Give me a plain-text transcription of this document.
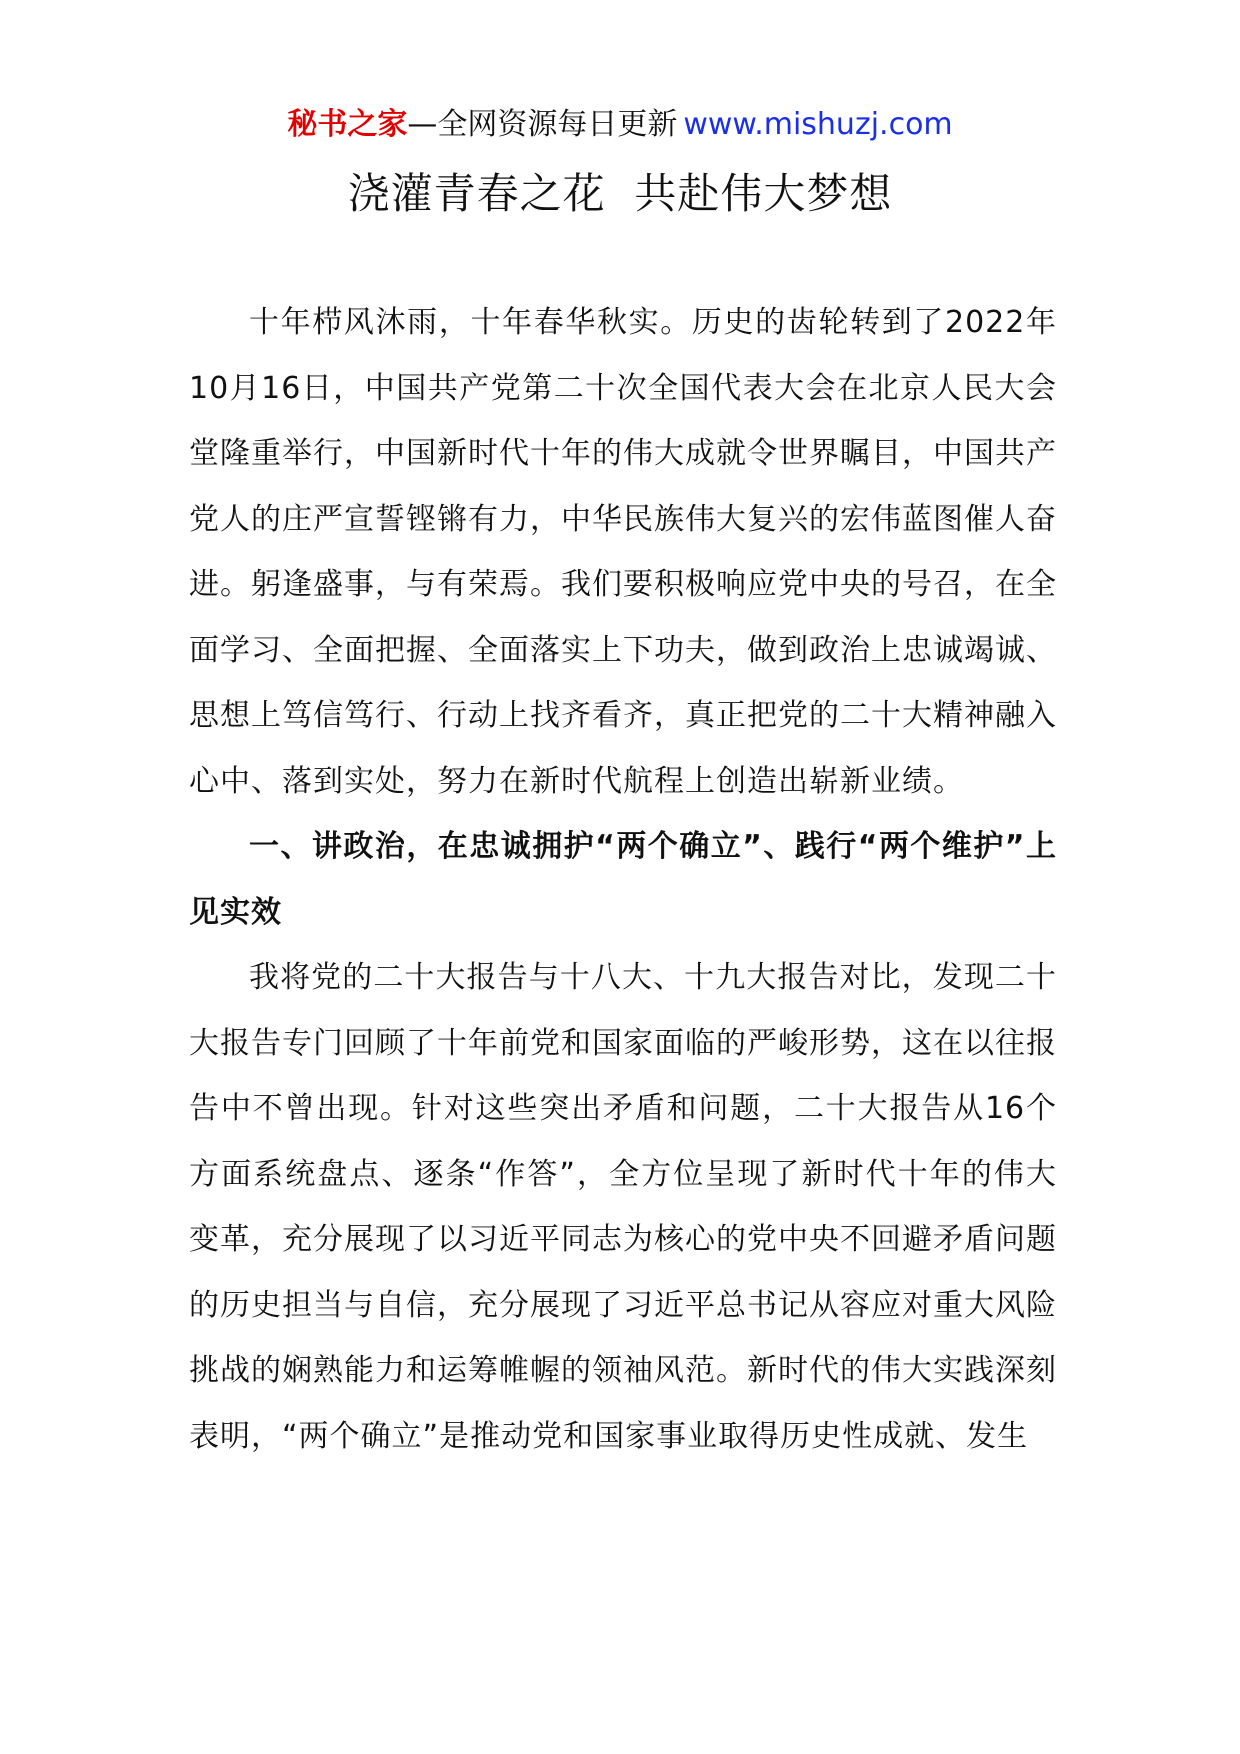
秘书之家—全网资源每日更新 www.mishuzj.com
浇灌青春之花  共赴伟大梦想

十年栉风沐雨，十年春华秋实。历史的齿轮转到了2022年10月16日，中国共产党第二十次全国代表大会在北京人民大会堂隆重举行，中国新时代十年的伟大成就令世界瞩目，中国共产党人的庄严宣誓铿锵有力，中华民族伟大复兴的宏伟蓝图催人奋进。躬逢盛事，与有荣焉。我们要积极响应党中央的号召，在全面学习、全面把握、全面落实上下功夫，做到政治上忠诚竭诚、思想上笃信笃行、行动上找齐看齐，真正把党的二十大精神融入心中、落到实处，努力在新时代航程上创造出崭新业绩。

一、讲政治，在忠诚拥护“两个确立”、践行“两个维护”上见实效

我将党的二十大报告与十八大、十九大报告对比，发现二十大报告专门回顾了十年前党和国家面临的严峻形势，这在以往报告中不曾出现。针对这些突出矛盾和问题，二十大报告从16个方面系统盘点、逐条“作答”，全方位呈现了新时代十年的伟大变革，充分展现了以习近平同志为核心的党中央不回避矛盾问题的历史担当与自信，充分展现了习近平总书记从容应对重大风险挑战的娴熟能力和运筹帷幄的领袖风范。新时代的伟大实践深刻表明，“两个确立”是推动党和国家事业取得历史性成就、发生
